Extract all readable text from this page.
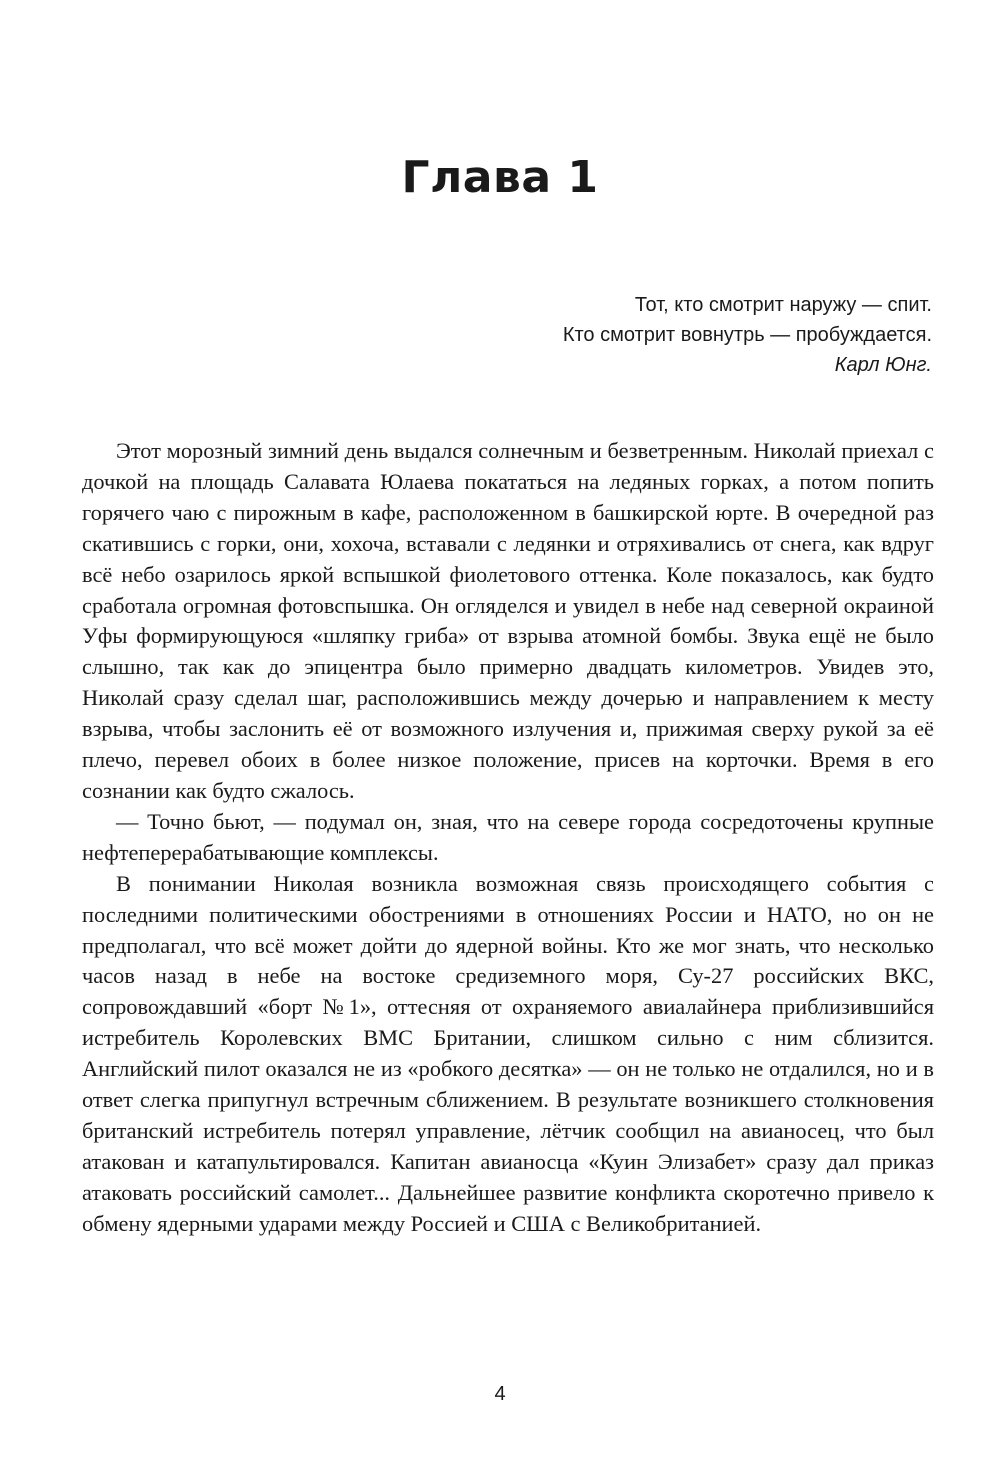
Глава 1
Тот, кто смотрит наружу — спит.
Кто смотрит вовнутрь — пробуждается.
Карл Юнг.

Этот морозный зимний день выдался солнечным и безветренным. Николай приехал с дочкой на площадь Салавата Юлаева покататься на ледяных горках, а потом попить горячего чаю с пирожным в кафе, расположенном в башкирской юрте. В очередной раз скатившись с горки, они, хохоча, вставали с ледянки и отряхивались от снега, как вдруг всё небо озарилось яркой вспышкой фиолетового оттенка. Коле показалось, как будто сработала огромная фотовспышка. Он огляделся и увидел в небе над северной окраиной Уфы формирующуюся «шляпку гриба» от взрыва атомной бомбы. Звука ещё не было слышно, так как до эпицентра было примерно двадцать километров. Увидев это, Николай сразу сделал шаг, расположившись между дочерью и направлением к месту взрыва, чтобы заслонить её от возможного излучения и, прижимая сверху рукой за её плечо, перевел обоих в более низкое положение, присев на корточки. Время в его сознании как будто сжалось.

— Точно бьют, — подумал он, зная, что на севере города сосредоточены крупные нефтеперерабатывающие комплексы.

В понимании Николая возникла возможная связь происходящего события с последними политическими обострениями в отношениях России и НАТО, но он не предполагал, что всё может дойти до ядерной войны. Кто же мог знать, что несколько часов назад в небе на востоке средиземного моря, Су-27 российских ВКС, сопровождавший «борт №1», оттесняя от охраняемого авиалайнера приблизившийся истребитель Королевских ВМС Британии, слишком сильно с ним сблизится. Английский пилот оказался не из «робкого десятка» — он не только не отдалился, но и в ответ слегка припугнул встречным сближением. В результате возникшего столкновения британский истребитель потерял управление, лётчик сообщил на авианосец, что был атакован и катапультировался. Капитан авианосца «Куин Элизабет» сразу дал приказ атаковать российский самолет... Дальнейшее развитие конфликта скоротечно привело к обмену ядерными ударами между Россией и США с Великобританией.

4
